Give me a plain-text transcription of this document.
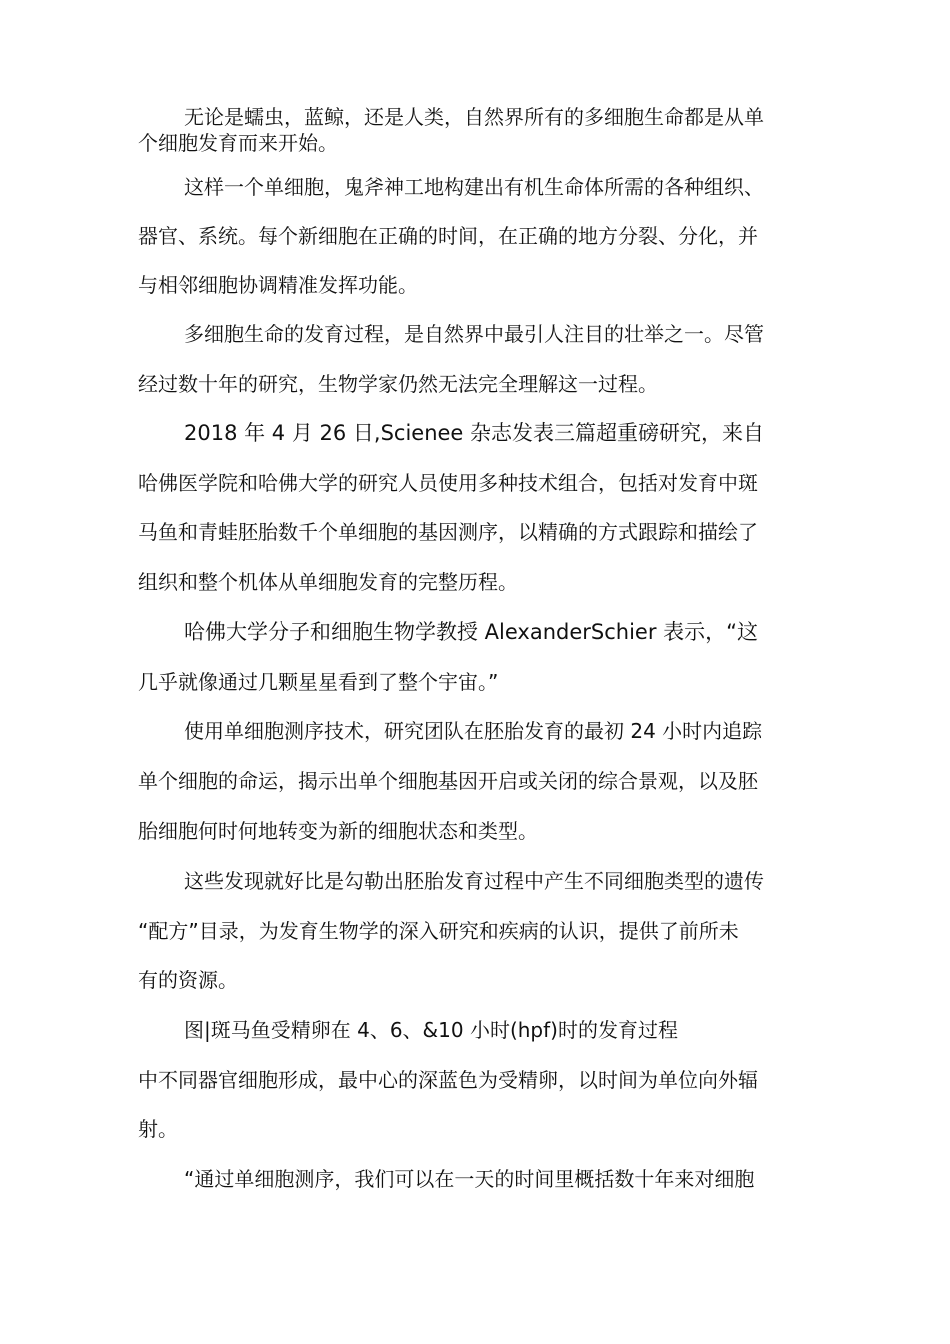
无论是蠕虫，蓝鲸，还是人类，自然界所有的多细胞生命都是从单

个细胞发育而来开始。

这样一个单细胞，鬼斧神工地构建出有机生命体所需的各种组织、

器官、系统。每个新细胞在正确的时间，在正确的地方分裂、分化，并

与相邻细胞协调精准发挥功能。

多细胞生命的发育过程，是自然界中最引人注目的壮举之一。尽管

经过数十年的研究，生物学家仍然无法完全理解这一过程。

2018 年 4 月 26 日,Scienee 杂志发表三篇超重磅研究，来自

哈佛医学院和哈佛大学的研究人员使用多种技术组合，包括对发育中斑

马鱼和青蛙胚胎数千个单细胞的基因测序，以精确的方式跟踪和描绘了

组织和整个机体从单细胞发育的完整历程。

哈佛大学分子和细胞生物学教授 AlexanderSchier 表示，“这

几乎就像通过几颗星星看到了整个宇宙。”

使用单细胞测序技术，研究团队在胚胎发育的最初 24 小时内追踪

单个细胞的命运，揭示出单个细胞基因开启或关闭的综合景观，以及胚

胎细胞何时何地转变为新的细胞状态和类型。

这些发现就好比是勾勒出胚胎发育过程中产生不同细胞类型的遗传

“配方”目录，为发育生物学的深入研究和疾病的认识，提供了前所未

有的资源。

图|斑马鱼受精卵在 4、6、&10 小时(hpf)时的发育过程

中不同器官细胞形成，最中心的深蓝色为受精卵，以时间为单位向外辐

射。

“通过单细胞测序，我们可以在一天的时间里概括数十年来对细胞
